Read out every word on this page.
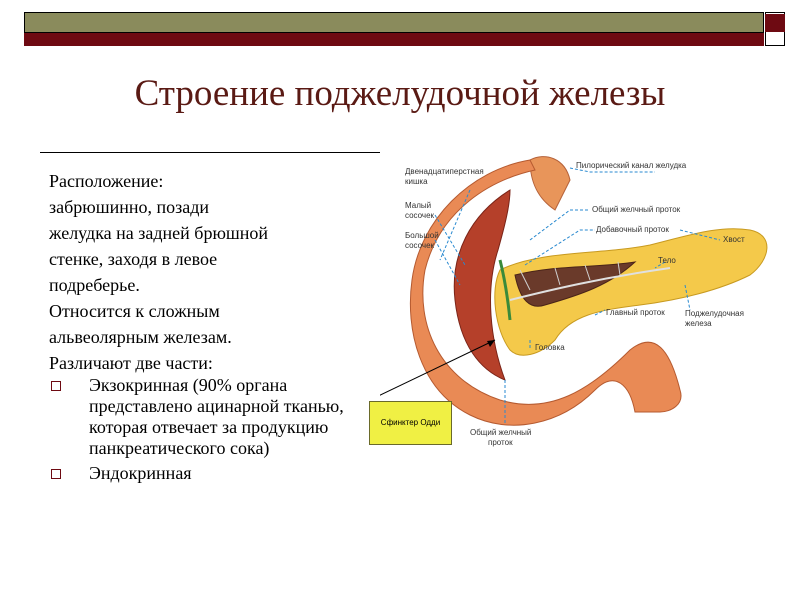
Строение поджелудочной железы

Расположение:

забрюшинно, позади

желудка на задней брюшной

стенке, заходя в левое

подреберье.

Относится к сложным

альвеолярным железам.

Различают две части:

Экзокринная (90% органа представлено ацинарной тканью, которая отвечает за продукцию панкреатического сока)
Эндокринная
Двенадцатиперстная
кишка
Малый
сосочек
Большой
сосочек
Пилорический канал желудка
Общий желчный проток
Добавочный проток
Хвост
Тело
Главный проток	Поджелудочная
железа
Головка
Общий желчный
проток
Сфинктер Одди
